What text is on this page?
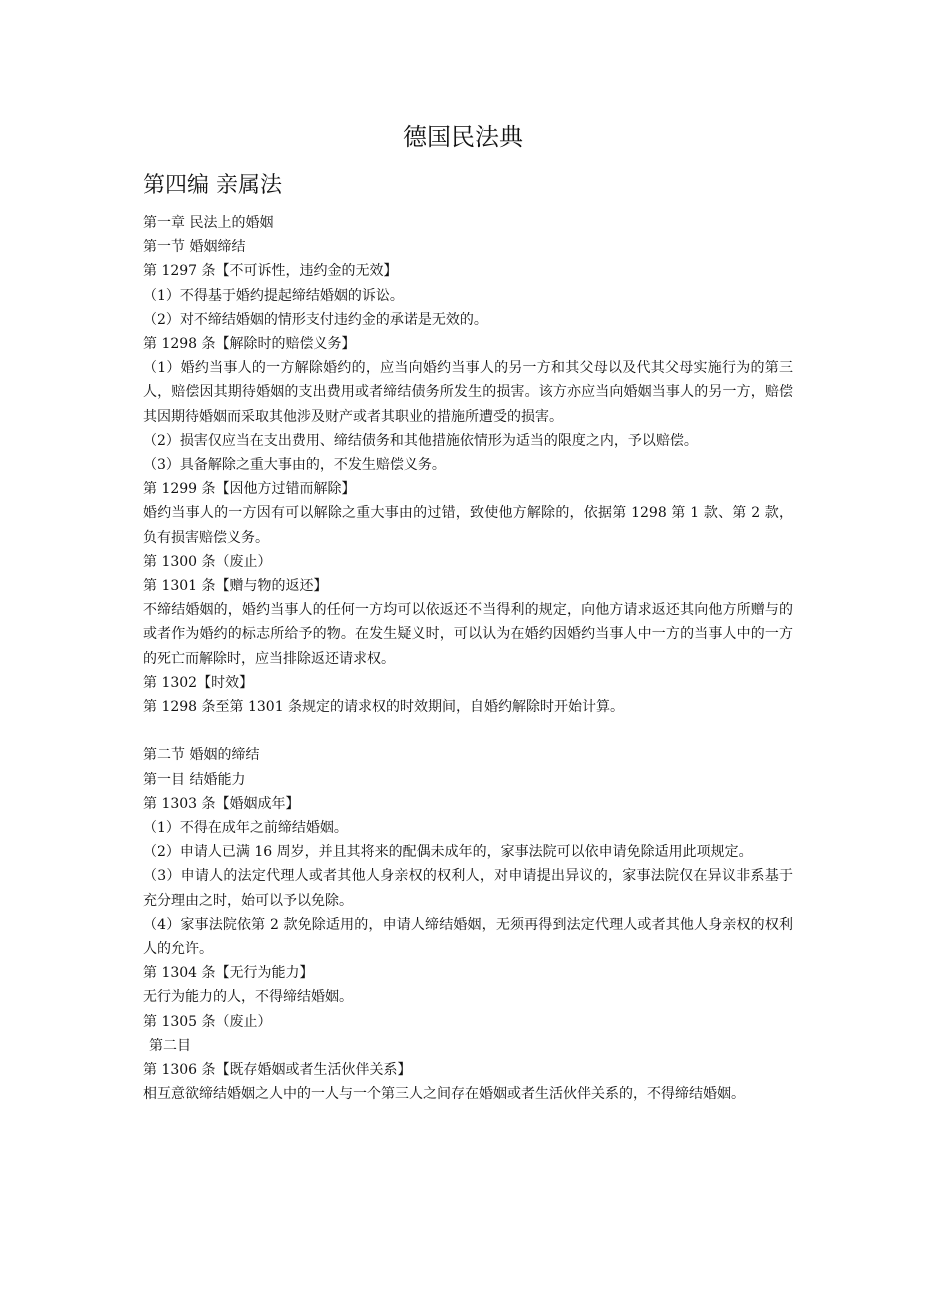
德国民法典
第四编 亲属法

第一章 民法上的婚姻

第一节 婚姻缔结

第 1297 条【不可诉性，违约金的无效】

（1）不得基于婚约提起缔结婚姻的诉讼。

（2）对不缔结婚姻的情形支付违约金的承诺是无效的。

第 1298 条【解除时的赔偿义务】

（1）婚约当事人的一方解除婚约的，应当向婚约当事人的另一方和其父母以及代其父母实施行为的第三人，赔偿因其期待婚姻的支出费用或者缔结债务所发生的损害。该方亦应当向婚姻当事人的另一方，赔偿其因期待婚姻而采取其他涉及财产或者其职业的措施所遭受的损害。

（2）损害仅应当在支出费用、缔结债务和其他措施依情形为适当的限度之内，予以赔偿。

（3）具备解除之重大事由的，不发生赔偿义务。

第 1299 条【因他方过错而解除】

婚约当事人的一方因有可以解除之重大事由的过错，致使他方解除的，依据第 1298 第 1 款、第 2 款，负有损害赔偿义务。

第 1300 条（废止）

第 1301 条【赠与物的返还】

不缔结婚姻的，婚约当事人的任何一方均可以依返还不当得利的规定，向他方请求返还其向他方所赠与的或者作为婚约的标志所给予的物。在发生疑义时，可以认为在婚约因婚约当事人中一方的当事人中的一方的死亡而解除时，应当排除返还请求权。

第 1302【时效】

第 1298 条至第 1301 条规定的请求权的时效期间，自婚约解除时开始计算。

第二节 婚姻的缔结

第一目 结婚能力

第 1303 条【婚姻成年】

（1）不得在成年之前缔结婚姻。

（2）申请人已满 16 周岁，并且其将来的配偶未成年的，家事法院可以依申请免除适用此项规定。

（3）申请人的法定代理人或者其他人身亲权的权利人，对申请提出异议的，家事法院仅在异议非系基于充分理由之时，始可以予以免除。

（4）家事法院依第 2 款免除适用的，申请人缔结婚姻，无须再得到法定代理人或者其他人身亲权的权利人的允许。

第 1304 条【无行为能力】

无行为能力的人，不得缔结婚姻。

第 1305 条（废止）

第二目

第 1306 条【既存婚姻或者生活伙伴关系】

相互意欲缔结婚姻之人中的一人与一个第三人之间存在婚姻或者生活伙伴关系的，不得缔结婚姻。
